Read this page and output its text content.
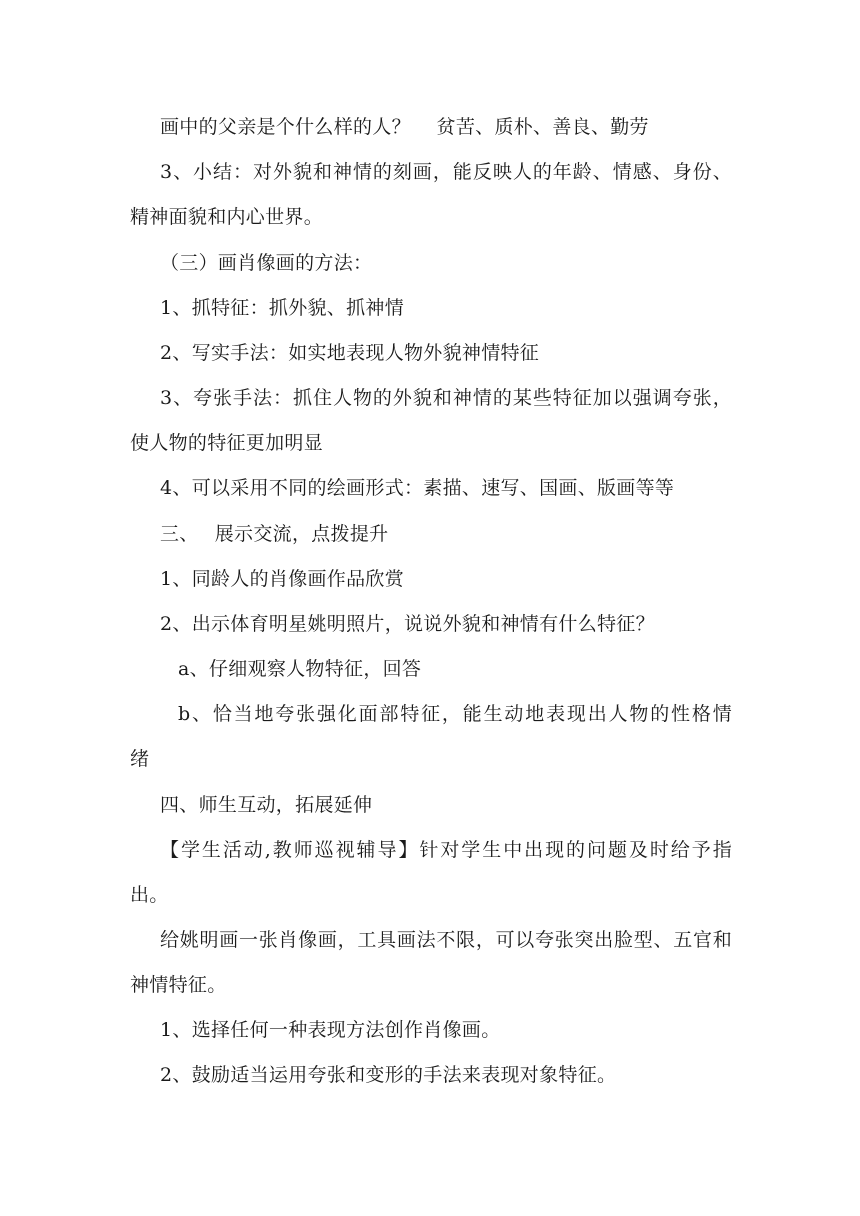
画中的父亲是个什么样的人？　 贫苦、质朴、善良、勤劳
3、小结：对外貌和神情的刻画，能反映人的年龄、情感、身份、
精神面貌和内心世界。
（三）画肖像画的方法：
1、抓特征：抓外貌、抓神情
2、写实手法：如实地表现人物外貌神情特征
3、夸张手法：抓住人物的外貌和神情的某些特征加以强调夸张，
使人物的特征更加明显
4、可以采用不同的绘画形式：素描、速写、国画、版画等等
三、　 展示交流，点拨提升
1、同龄人的肖像画作品欣赏
2、出示体育明星姚明照片，说说外貌和神情有什么特征？
a、仔细观察人物特征，回答
b、恰当地夸张强化面部特征，能生动地表现出人物的性格情
绪
四、师生互动，拓展延伸
【学生活动,教师巡视辅导】针对学生中出现的问题及时给予指
出。
给姚明画一张肖像画，工具画法不限，可以夸张突出脸型、五官和
神情特征。
1、选择任何一种表现方法创作肖像画。
2、鼓励适当运用夸张和变形的手法来表现对象特征。
